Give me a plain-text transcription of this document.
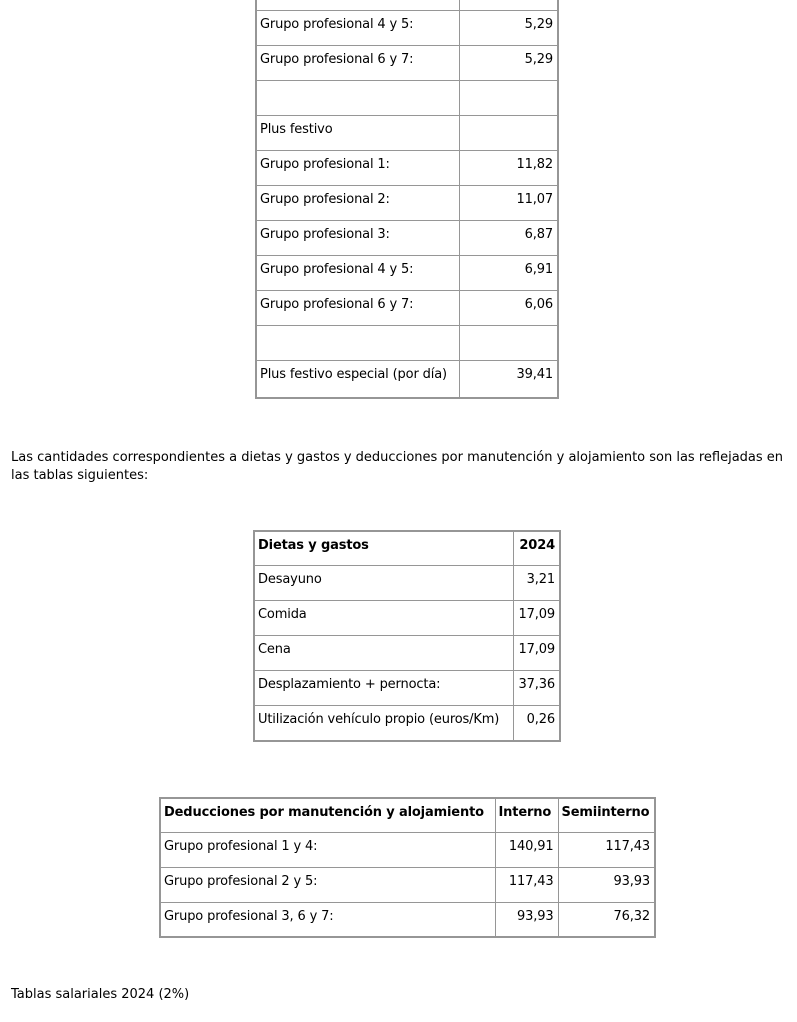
Grupo profesional 4 y 5:	5,29
Grupo profesional 6 y 7:	5,29

Plus festivo	
Grupo profesional 1:	11,82
Grupo profesional 2:	11,07
Grupo profesional 3:	6,87
Grupo profesional 4 y 5:	6,91
Grupo profesional 6 y 7:	6,06

Plus festivo especial (por día)	39,41

Las cantidades correspondientes a dietas y gastos y deducciones por manutención y alojamiento son las reflejadas en las tablas siguientes:

Dietas y gastos	2024
Desayuno	3,21
Comida	17,09
Cena	17,09
Desplazamiento + pernocta:	37,36
Utilización vehículo propio (euros/Km)	0,26
Deducciones por manutención y alojamiento	Interno	Semiinterno
Grupo profesional 1 y 4:	140,91	117,43
Grupo profesional 2 y 5:	117,43	93,93
Grupo profesional 3, 6 y 7:	93,93	76,32

Tablas salariales 2024 (2%)
